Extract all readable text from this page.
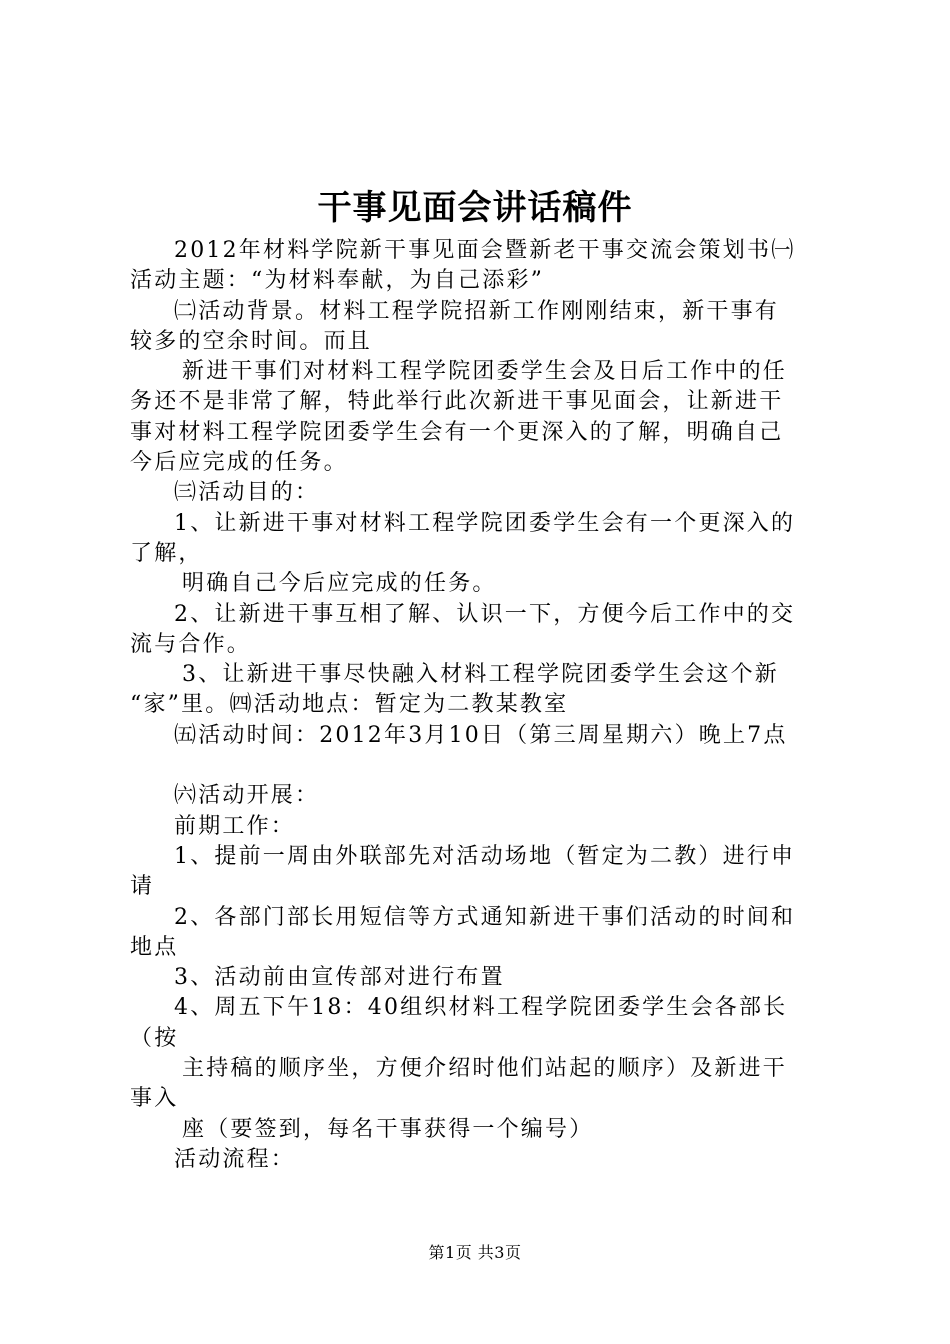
干事见面会讲话稿件
2012年材料学院新干事见面会暨新老干事交流会策划书㈠
活动主题：“为材料奉献，为自己添彩”
㈡活动背景。材料工程学院招新工作刚刚结束，新干事有
较多的空余时间。而且
新进干事们对材料工程学院团委学生会及日后工作中的任
务还不是非常了解，特此举行此次新进干事见面会，让新进干
事对材料工程学院团委学生会有一个更深入的了解，明确自己
今后应完成的任务。
㈢活动目的：
1、让新进干事对材料工程学院团委学生会有一个更深入的
了解，
明确自己今后应完成的任务。
2、让新进干事互相了解、认识一下，方便今后工作中的交
流与合作。
3、让新进干事尽快融入材料工程学院团委学生会这个新
“家”里。㈣活动地点：暂定为二教某教室
㈤活动时间：2012年3月10日（第三周星期六）晚上7点
㈥活动开展：
前期工作：
1、提前一周由外联部先对活动场地（暂定为二教）进行申
请
2、各部门部长用短信等方式通知新进干事们活动的时间和
地点
3、活动前由宣传部对进行布置
4、周五下午18：40组织材料工程学院团委学生会各部长
（按
主持稿的顺序坐，方便介绍时他们站起的顺序）及新进干
事入
座（要签到，每名干事获得一个编号）
活动流程：
第1页 共3页
